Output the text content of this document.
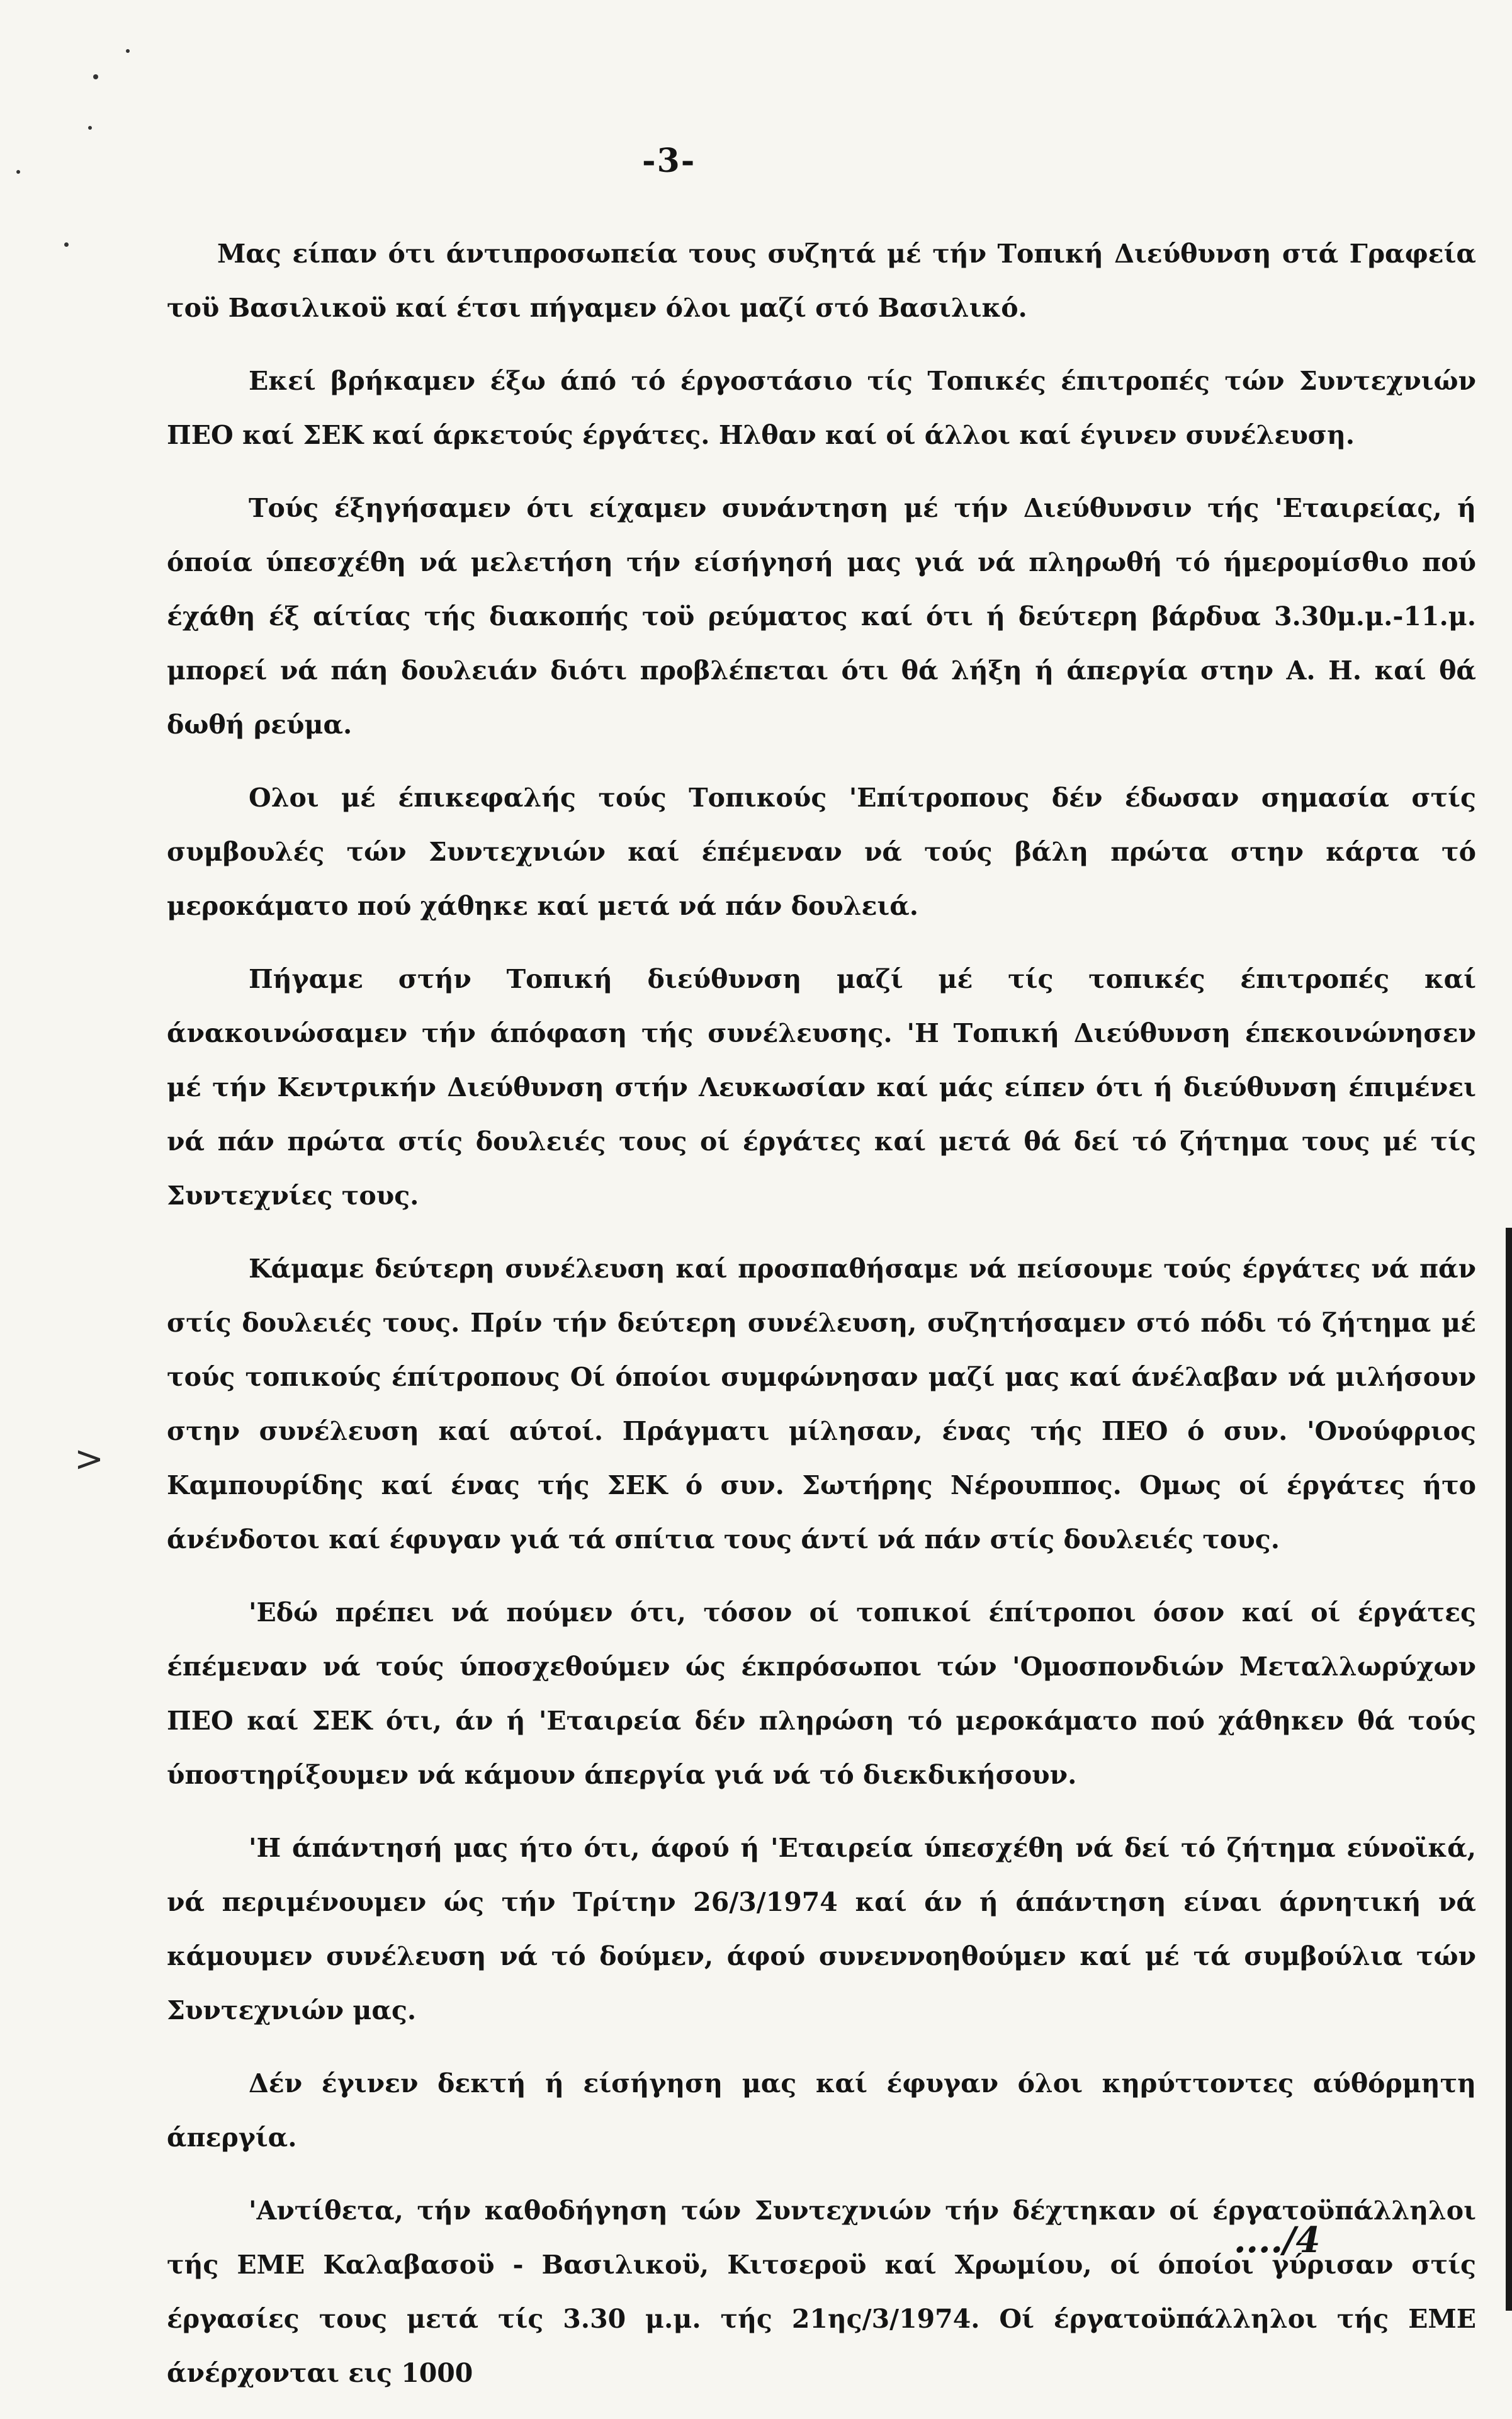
-3-

Μας είπαν ότι άντιπροσωπεία τους συζητά μέ τήν Τοπική Διεύθυνση στά Γραφεία τοϋ Βασιλικοϋ καί έτσι πήγαμεν όλοι μαζί στό Βασιλικό.

Εκεί βρήκαμεν έξω άπό τό έργοστάσιο τίς Τοπικές έπιτροπές τών Συντεχνιών ΠΕΟ καί ΣΕΚ καί άρκετούς έργάτες. Ηλθαν καί οί άλλοι καί έγινεν συνέλευση.

Τούς έξηγήσαμεν ότι είχαμεν συνάντηση μέ τήν Διεύθυνσιν τής 'Εταιρείας, ή όποία ύπεσχέθη νά μελετήση τήν είσήγησή μας γιά νά πληρωθή τό ήμερομίσθιο πού έχάθη έξ αίτίας τής διακοπής τοϋ ρεύματος καί ότι ή δεύτερη βάρδυα 3.30μ.μ.-11.μ. μπορεί νά πάη δουλειάν διότι προβλέπεται ότι θά λήξη ή άπεργία στην Α. Η. καί θά δωθή ρεύμα.

Ολοι μέ έπικεφαλής τούς Τοπικούς 'Επίτροπους δέν έδωσαν σημασία στίς συμβουλές τών Συντεχνιών καί έπέμεναν νά τούς βάλη πρώτα στην κάρτα τό μεροκάματο πού χάθηκε καί μετά νά πάν δουλειά.

Πήγαμε στήν Τοπική διεύθυνση μαζί μέ τίς τοπικές έπιτροπές καί άνακοινώσαμεν τήν άπόφαση τής συνέλευσης. 'Η Τοπική Διεύθυνση έπεκοινώνησεν μέ τήν Κεντρικήν Διεύθυνση στήν Λευκωσίαν καί μάς είπεν ότι ή διεύθυνση έπιμένει νά πάν πρώτα στίς δουλειές τους οί έργάτες καί μετά θά δεί τό ζήτημα τους μέ τίς Συντεχνίες τους.

Κάμαμε δεύτερη συνέλευση καί προσπαθήσαμε νά πείσουμε τούς έργάτες νά πάν στίς δουλειές τους. Πρίν τήν δεύτερη συνέλευση, συζητήσαμεν στό πόδι τό ζήτημα μέ τούς τοπικούς έπίτροπους Οί όποίοι συμφώνησαν μαζί μας καί άνέλαβαν νά μιλήσουν στην συνέλευση καί αύτοί. Πράγματι μίλησαν, ένας τής ΠΕΟ ό συν. 'Ονούφριος Καμπουρίδης καί ένας τής ΣΕΚ ό συν. Σωτήρης Νέρουππος. Ομως οί έργάτες ήτο άνένδοτοι καί έφυγαν γιά τά σπίτια τους άντί νά πάν στίς δουλειές τους.

'Εδώ πρέπει νά πούμεν ότι, τόσον οί τοπικοί έπίτροποι όσον καί οί έργάτες έπέμεναν νά τούς ύποσχεθούμεν ώς έκπρόσωποι τών 'Ομοσπονδιών Μεταλλωρύχων ΠΕΟ καί ΣΕΚ ότι, άν ή 'Εταιρεία δέν πληρώση τό μεροκάματο πού χάθηκεν θά τούς ύποστηρίξουμεν νά κάμουν άπεργία γιά νά τό διεκδικήσουν.

'Η άπάντησή μας ήτο ότι, άφού ή 'Εταιρεία ύπεσχέθη νά δεί τό ζήτημα εύνοϊκά, νά περιμένουμεν ώς τήν Τρίτην 26/3/1974 καί άν ή άπάντηση είναι άρνητική νά κάμουμεν συνέλευση νά τό δούμεν, άφού συνεννοηθούμεν καί μέ τά συμβούλια τών Συντεχνιών μας.

Δέν έγινεν δεκτή ή είσήγηση μας καί έφυγαν όλοι κηρύττοντες αύθόρμητη άπεργία.

'Αντίθετα, τήν καθοδήγηση τών Συντεχνιών τήν δέχτηκαν οί έργατοϋπάλληλοι τής ΕΜΕ Καλαβασοϋ - Βασιλικοϋ, Κιτσεροϋ καί Χρωμίου, οί όποίοι γύρισαν στίς έργασίες τους μετά τίς 3.30 μ.μ. τής 21ης/3/1974. Οί έργατοϋπάλληλοι τής ΕΜΕ άνέρχονται εις 1000

>
..../4
